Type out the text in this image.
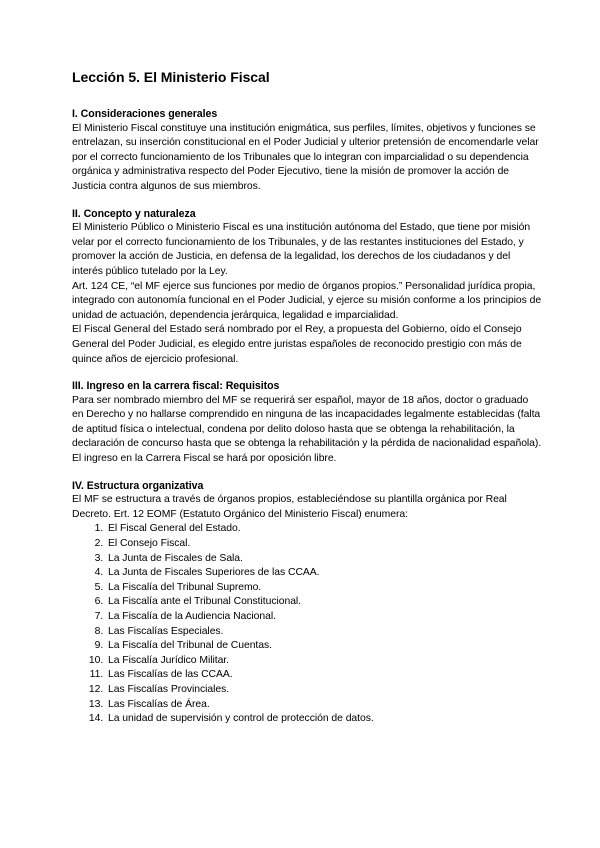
Lección 5. El Ministerio Fiscal
I. Consideraciones generales

El Ministerio Fiscal constituye una institución enigmática, sus perfiles, límites, objetivos y funciones se entrelazan, su inserción constitucional en el Poder Judicial y ulterior pretensión de encomendarle velar por el correcto funcionamiento de los Tribunales que lo integran con imparcialidad o su dependencia orgánica y administrativa respecto del Poder Ejecutivo, tiene la misión de promover la acción de Justicia contra algunos de sus miembros.

II. Concepto y naturaleza

El Ministerio Público o Ministerio Fiscal es una institución autónoma del Estado, que tiene por misión velar por el correcto funcionamiento de los Tribunales, y de las restantes instituciones del Estado, y promover la acción de Justicia, en defensa de la legalidad, los derechos de los ciudadanos y del interés público tutelado por la Ley.

Art. 124 CE, “el MF ejerce sus funciones por medio de órganos propios.” Personalidad jurídica propia, integrado con autonomía funcional en el Poder Judicial, y ejerce su misión conforme a los principios de unidad de actuación, dependencia jerárquica, legalidad e imparcialidad.

El Fiscal General del Estado será nombrado por el Rey, a propuesta del Gobierno, oído el Consejo General del Poder Judicial, es elegido entre juristas españoles de reconocido prestigio con más de quince años de ejercicio profesional.

III. Ingreso en la carrera fiscal: Requisitos

Para ser nombrado miembro del MF se requerirá ser español, mayor de 18 años, doctor o graduado en Derecho y no hallarse comprendido en ninguna de las incapacidades legalmente establecidas (falta de aptitud física o intelectual, condena por delito doloso hasta que se obtenga la rehabilitación, la declaración de concurso hasta que se obtenga la rehabilitación y la pérdida de nacionalidad española).

El ingreso en la Carrera Fiscal se hará por oposición libre.

IV. Estructura organizativa

El MF se estructura a través de órganos propios, estableciéndose su plantilla orgánica por Real Decreto. Ert. 12 EOMF (Estatuto Orgánico del Ministerio Fiscal) enumera:

1. El Fiscal General del Estado.
2. El Consejo Fiscal.
3. La Junta de Fiscales de Sala.
4. La Junta de Fiscales Superiores de las CCAA.
5. La Fiscalía del Tribunal Supremo.
6. La Fiscalía ante el Tribunal Constitucional.
7. La Fiscalía de la Audiencia Nacional.
8. Las Fiscalías Especiales.
9. La Fiscalía del Tribunal de Cuentas.
10. La Fiscalía Jurídico Militar.
11. Las Fiscalías de las CCAA.
12. Las Fiscalías Provinciales.
13. Las Fiscalías de Área.
14. La unidad de supervisión y control de protección de datos.
